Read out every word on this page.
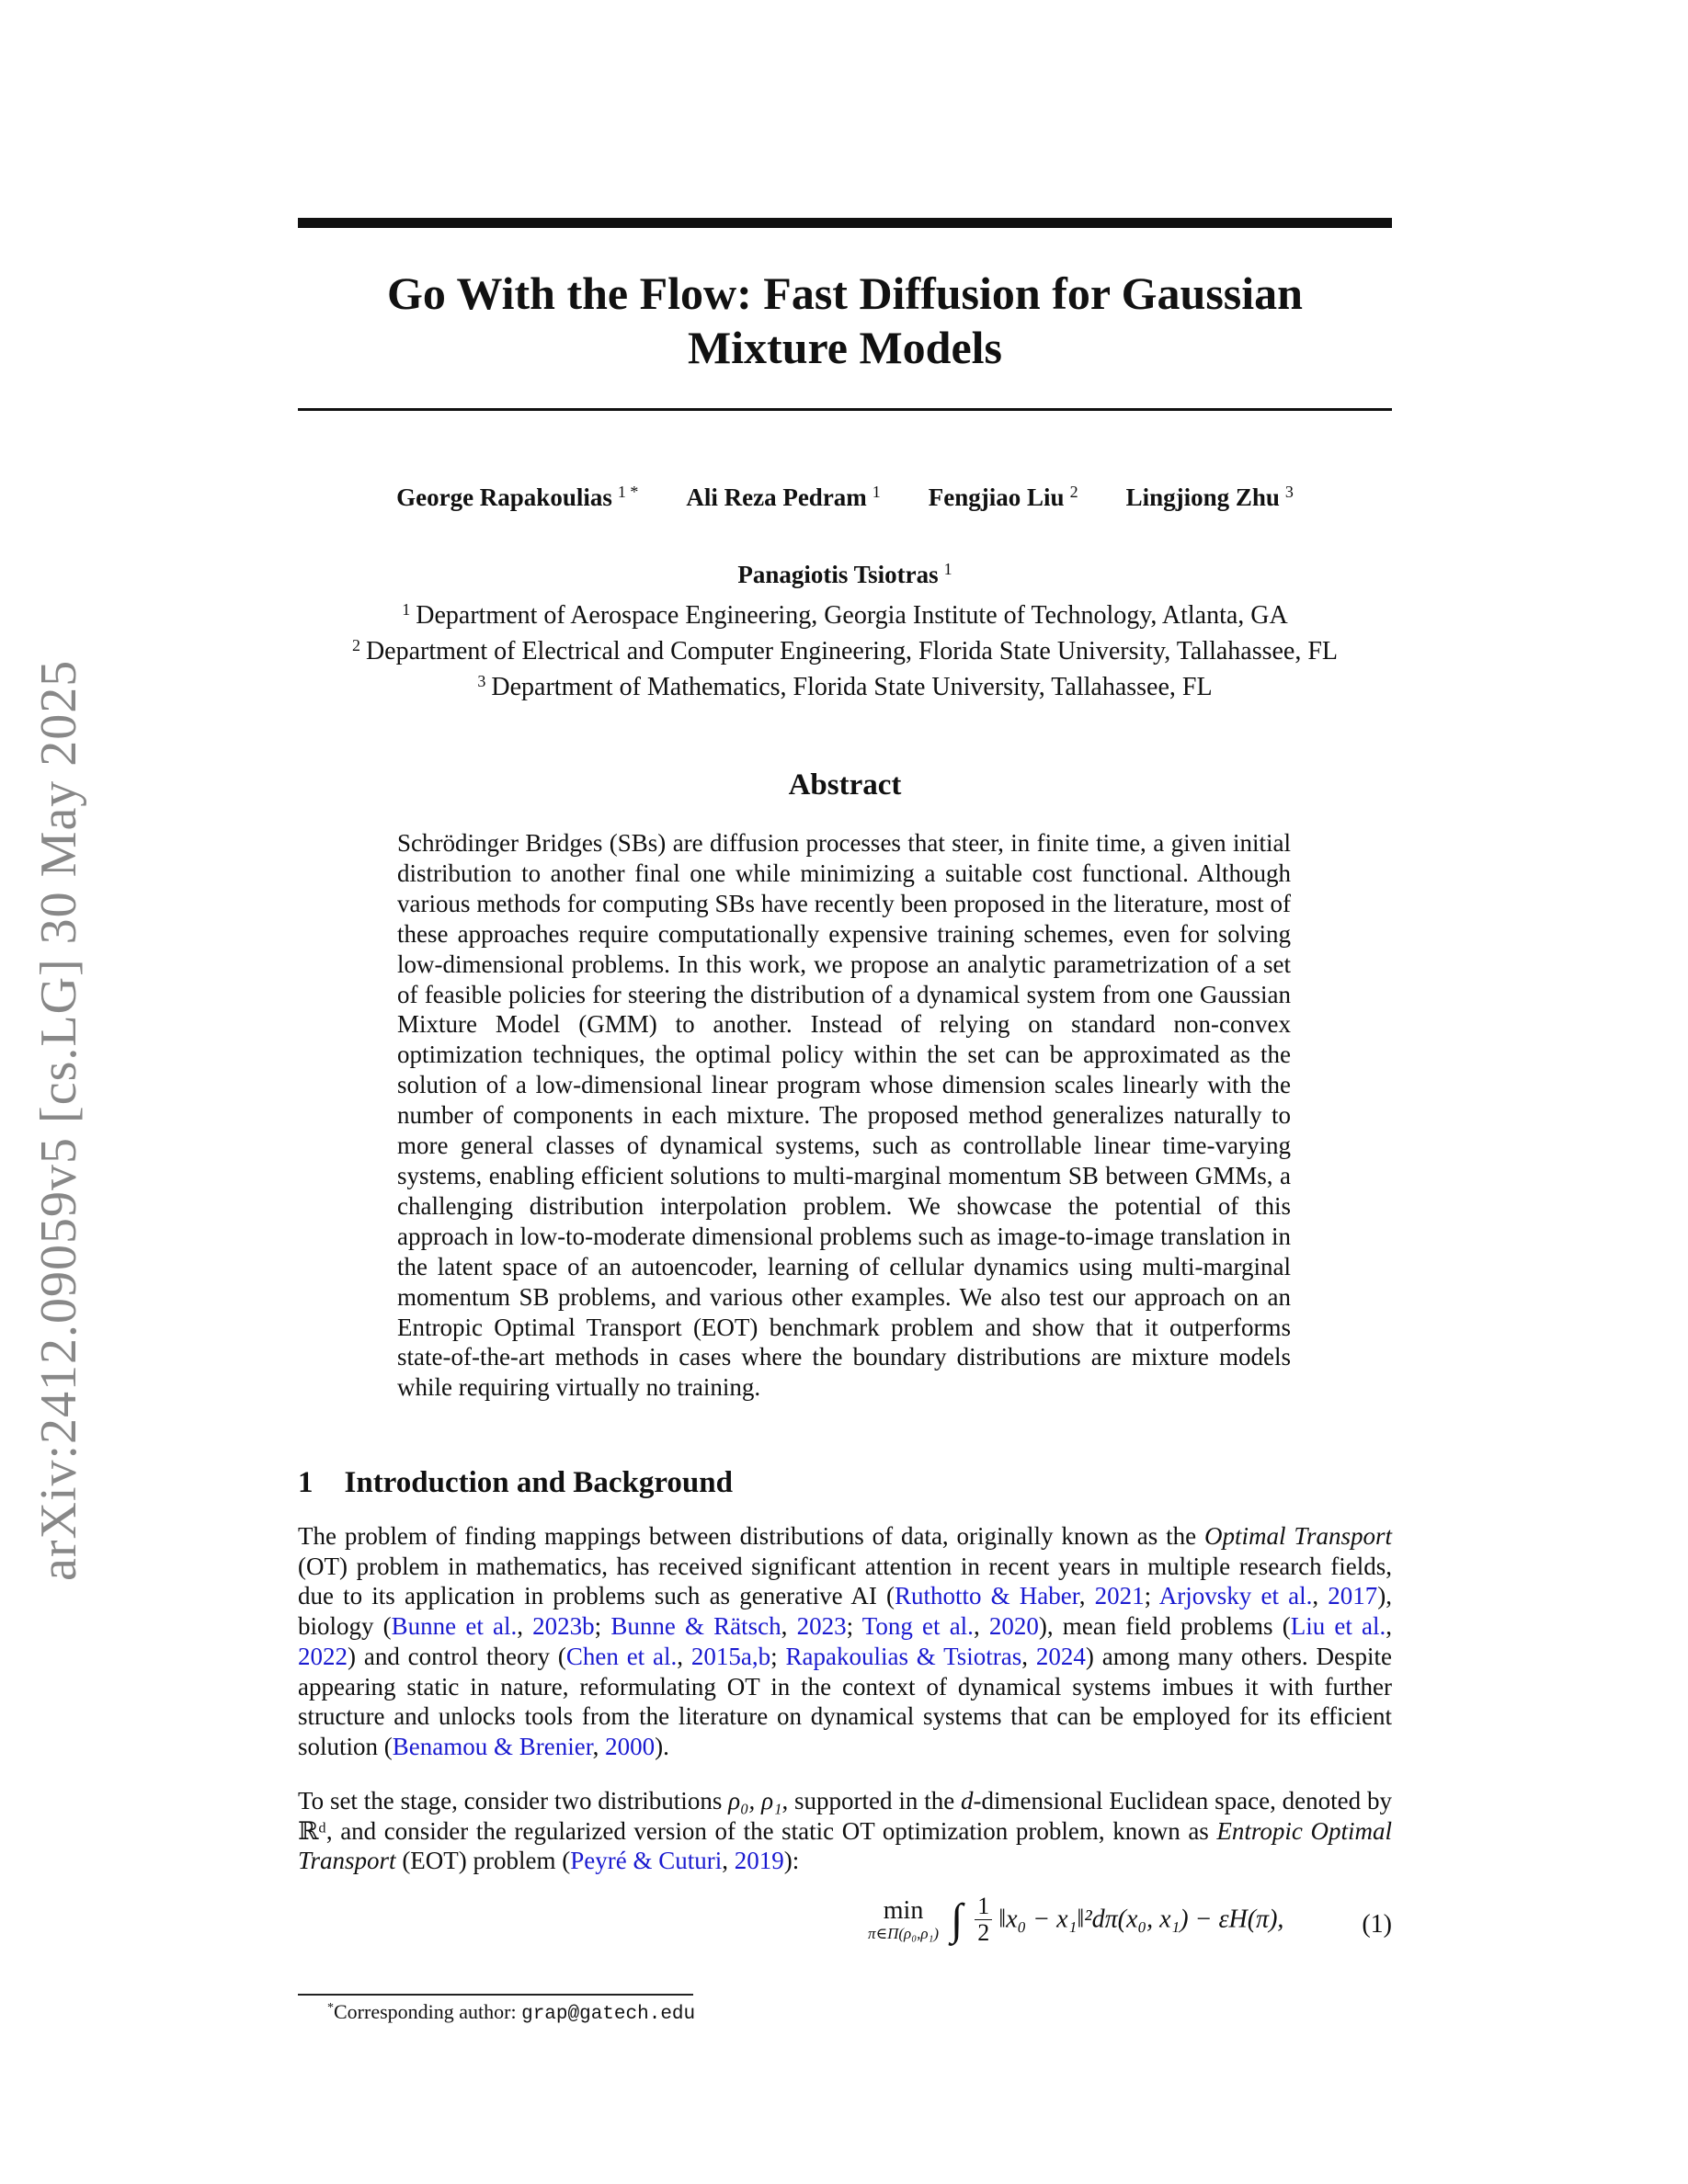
arXiv:2412.09059v5 [cs.LG] 30 May 2025
Go With the Flow: Fast Diffusion for Gaussian
Mixture Models
George Rapakoulias $^{1 *}$ Ali Reza Pedram $^1$ Fengjiao Liu $^2$ Lingjiong Zhu $^3$
Panagiotis Tsiotras $^1$
$^1$ Department of Aerospace Engineering, Georgia Institute of Technology, Atlanta, GA
$^2$ Department of Electrical and Computer Engineering, Florida State University, Tallahassee, FL
$^3$ Department of Mathematics, Florida State University, Tallahassee, FL
Abstract
Schrödinger Bridges (SBs) are diffusion processes that steer, in finite time, a given initial distribution to another final one while minimizing a suitable cost functional. Although various methods for computing SBs have recently been proposed in the literature, most of these approaches require computationally expensive training schemes, even for solving low-dimensional problems. In this work, we propose an analytic parametrization of a set of feasible policies for steering the distribution of a dynamical system from one Gaussian Mixture Model (GMM) to another. Instead of relying on standard non-convex optimization techniques, the optimal policy within the set can be approximated as the solution of a low-dimensional linear program whose dimension scales linearly with the number of components in each mixture. The proposed method generalizes naturally to more general classes of dynamical systems, such as controllable linear time-varying systems, enabling efficient solutions to multi-marginal momentum SB between GMMs, a challenging distribution interpolation problem. We showcase the potential of this approach in low-to-moderate dimensional problems such as image-to-image translation in the latent space of an autoencoder, learning of cellular dynamics using multi-marginal momentum SB problems, and various other examples. We also test our approach on an Entropic Optimal Transport (EOT) benchmark problem and show that it outperforms state-of-the-art methods in cases where the boundary distributions are mixture models while requiring virtually no training.
1 Introduction and Background
The problem of finding mappings between distributions of data, originally known as the Optimal Transport (OT) problem in mathematics, has received significant attention in recent years in multiple research fields, due to its application in problems such as generative AI (Ruthotto & Haber, 2021; Arjovsky et al., 2017), biology (Bunne et al., 2023b; Bunne & Rätsch, 2023; Tong et al., 2020), mean field problems (Liu et al., 2022) and control theory (Chen et al., 2015a,b; Rapakoulias & Tsiotras, 2024) among many others. Despite appearing static in nature, reformulating OT in the context of dynamical systems imbues it with further structure and unlocks tools from the literature on dynamical systems that can be employed for its efficient solution (Benamou & Brenier, 2000).
To set the stage, consider two distributions ρ₀, ρ₁, supported in the d-dimensional Euclidean space, denoted by ℝᵈ, and consider the regularized version of the static OT optimization problem, known as Entropic Optimal Transport (EOT) problem (Peyré & Cuturi, 2019):
min
π∈Π(ρ₀,ρ₁) ∫ $\frac{1}{2}$ ‖x₀ − x₁‖²dπ(x₀, x₁) − εH(π),	(1)
*Corresponding author: grap@gatech.edu
